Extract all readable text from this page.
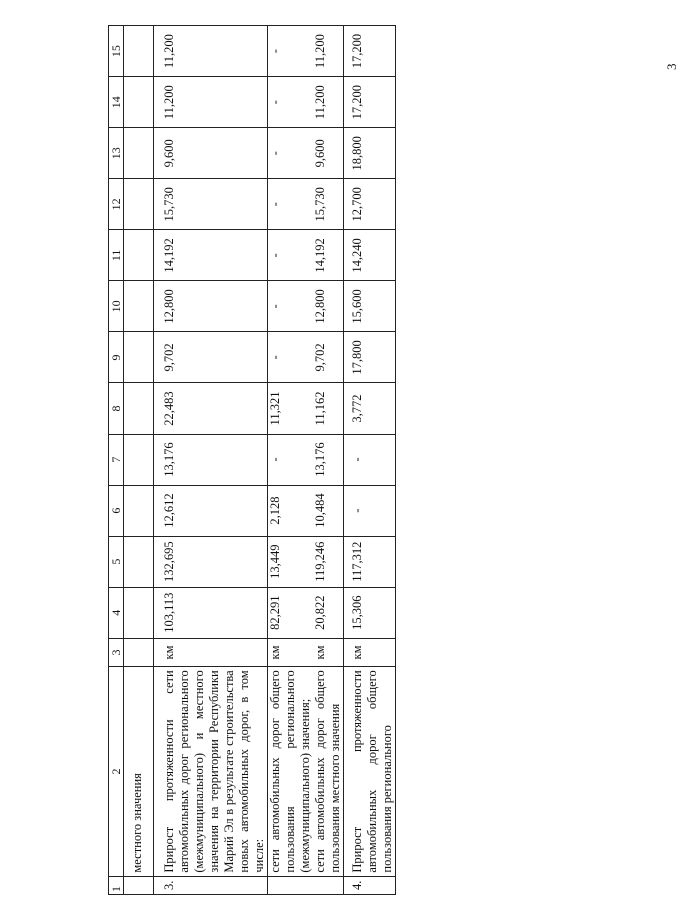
3
1	2	3	4	5	6	7	8	9	10	11	12	13	14	15
	местного значения													
3.	Прирост протяженности сети автомобильных дорог регионального (межмуниципального) и местного значения на территории Республики Марий Эл в результате строительства новых автомобильных дорог, в том числе:	км	103,113	132,695	12,612	13,176	22,483	9,702	12,800	14,192	15,730	9,600	11,200	11,200
	сети автомобильных дорог общего пользования регионального (межмуниципального) значения;	км	82,291	13,449	2,128	-	11,321	-	-	-	-	-	-	-
	сети автомобильных дорог общего пользования местного значения	км	20,822	119,246	10,484	13,176	11,162	9,702	12,800	14,192	15,730	9,600	11,200	11,200
4.	Прирост протяженности автомобильных дорог общего пользования регионального	км	15,306	117,312	-	-	3,772	17,800	15,600	14,240	12,700	18,800	17,200	17,200
